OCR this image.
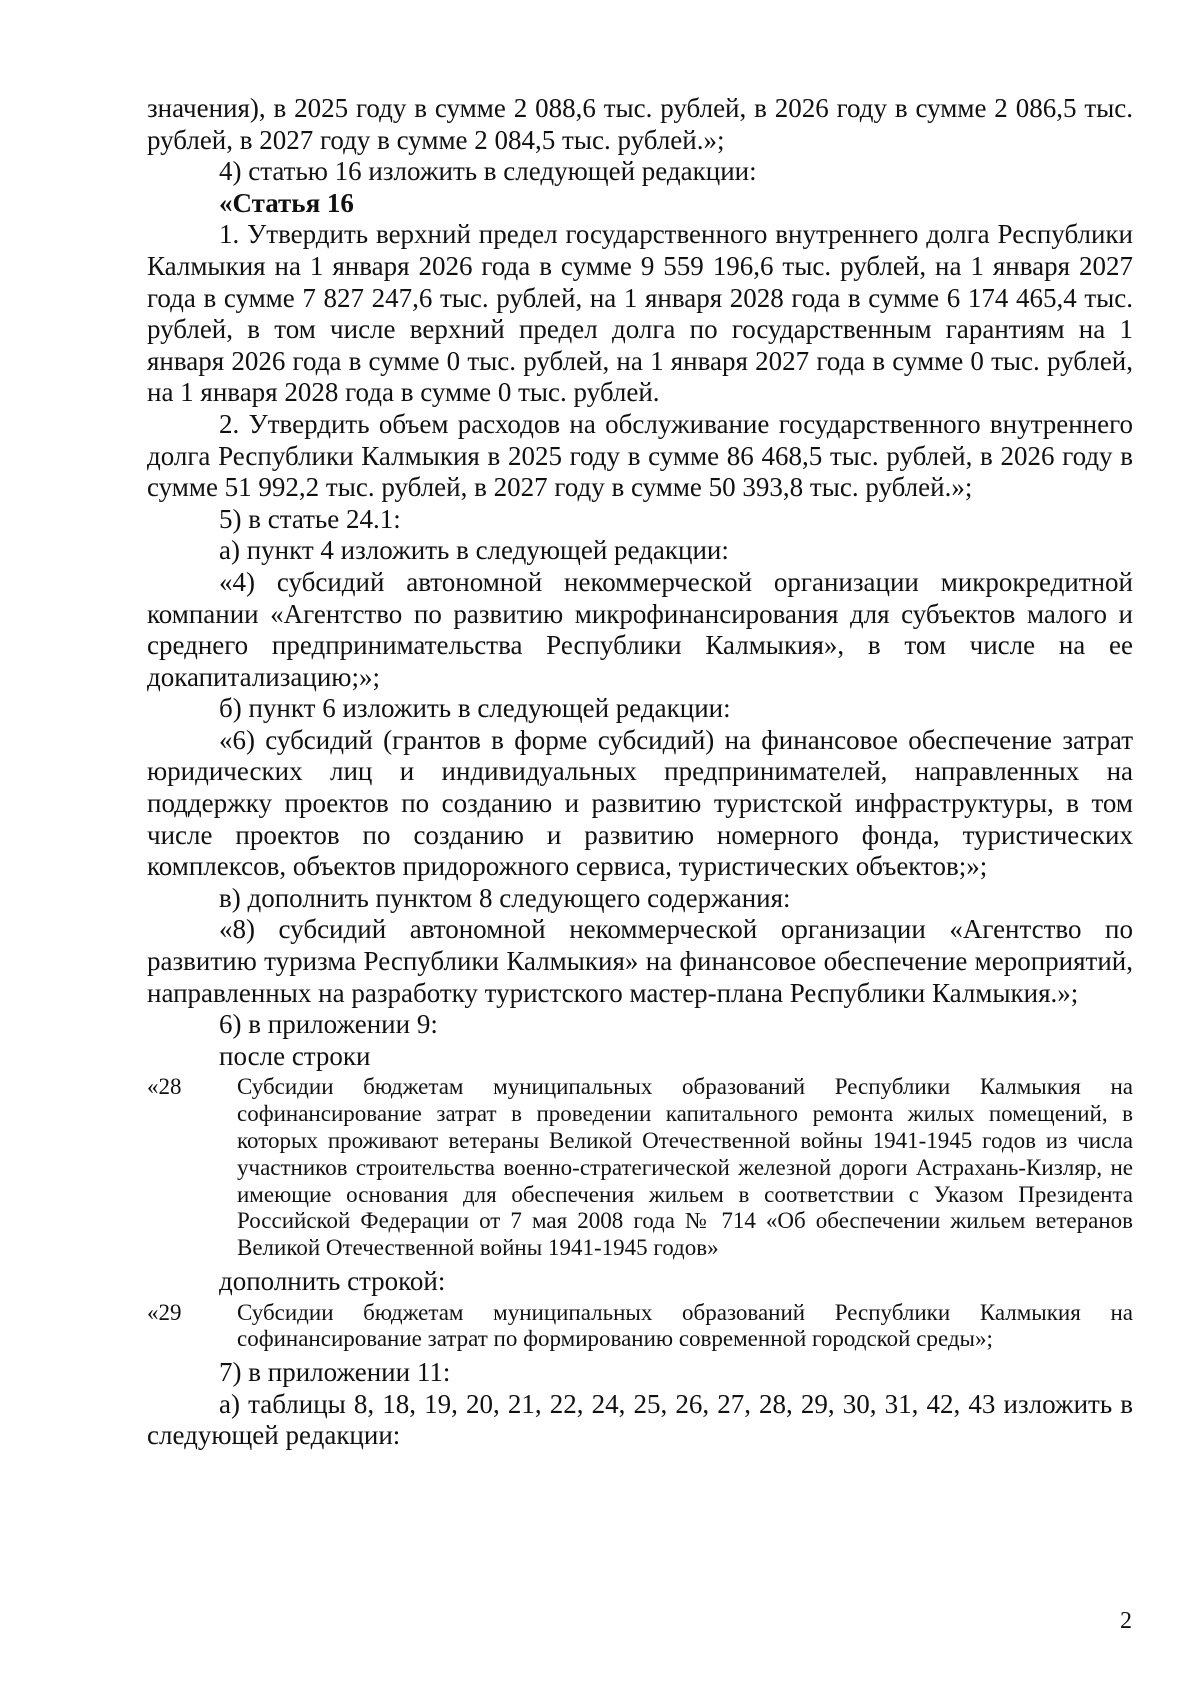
значения), в 2025 году в сумме 2 088,6 тыс. рублей, в 2026 году в сумме 2 086,5 тыс. рублей, в 2027 году в сумме 2 084,5 тыс. рублей.»;

4) статью 16 изложить в следующей редакции:

«Статья 16

1. Утвердить верхний предел государственного внутреннего долга Республики Калмыкия на 1 января 2026 года в сумме 9 559 196,6 тыс. рублей, на 1 января 2027 года в сумме 7 827 247,6 тыс. рублей, на 1 января 2028 года в сумме 6 174 465,4 тыс. рублей, в том числе верхний предел долга по государственным гарантиям на 1 января 2026 года в сумме 0 тыс. рублей, на 1 января 2027 года в сумме 0 тыс. рублей, на 1 января 2028 года в сумме 0 тыс. рублей.

2. Утвердить объем расходов на обслуживание государственного внутреннего долга Республики Калмыкия в 2025 году в сумме 86 468,5 тыс. рублей, в 2026 году в сумме 51 992,2 тыс. рублей, в 2027 году в сумме 50 393,8 тыс. рублей.»;

5) в статье 24.1:

а) пункт 4 изложить в следующей редакции:

«4) субсидий автономной некоммерческой организации микрокредитной компании «Агентство по развитию микрофинансирования для субъектов малого и среднего предпринимательства Республики Калмыкия», в том числе на ее докапитализацию;»;

б) пункт 6 изложить в следующей редакции:

«6) субсидий (грантов в форме субсидий) на финансовое обеспечение затрат юридических лиц и индивидуальных предпринимателей, направленных на поддержку проектов по созданию и развитию туристской инфраструктуры, в том числе проектов по созданию и развитию номерного фонда, туристических комплексов, объектов придорожного сервиса, туристических объектов;»;

в) дополнить пунктом 8 следующего содержания:

«8) субсидий автономной некоммерческой организации «Агентство по развитию туризма Республики Калмыкия» на финансовое обеспечение мероприятий, направленных на разработку туристского мастер-плана Республики Калмыкия.»;

6) в приложении 9:

после строки

«28	Субсидии бюджетам муниципальных образований Республики Калмыкия на софинансирование затрат в проведении капитального ремонта жилых помещений, в которых проживают ветераны Великой Отечественной войны 1941-1945 годов из числа участников строительства военно-стратегической железной дороги Астрахань-Кизляр, не имеющие основания для обеспечения жильем в соответствии с Указом Президента Российской Федерации от 7 мая 2008 года № 714 «Об обеспечении жильем ветеранов Великой Отечественной войны 1941-1945 годов»

дополнить строкой:

«29	Субсидии бюджетам муниципальных образований Республики Калмыкия на софинансирование затрат по формированию современной городской среды»;

7) в приложении 11:

а) таблицы 8, 18, 19, 20, 21, 22, 24, 25, 26, 27, 28, 29, 30, 31, 42, 43 изложить в следующей редакции:

2
